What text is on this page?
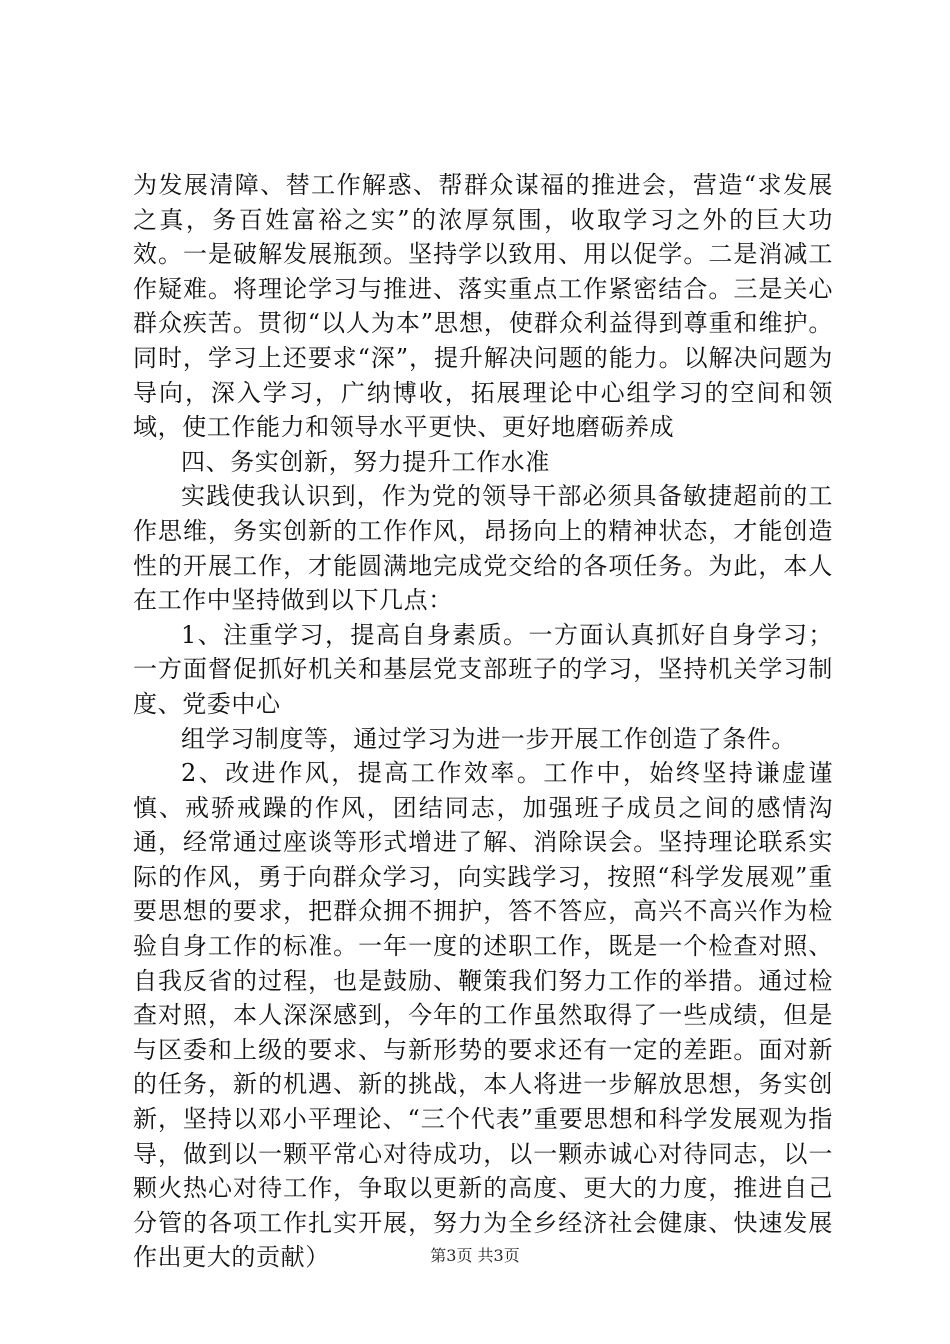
为发展清障、替工作解惑、帮群众谋福的推进会，营造“求发展之真，务百姓富裕之实”的浓厚氛围，收取学习之外的巨大功效。一是破解发展瓶颈。坚持学以致用、用以促学。二是消减工作疑难。将理论学习与推进、落实重点工作紧密结合。三是关心群众疾苦。贯彻“以人为本”思想，使群众利益得到尊重和维护。同时，学习上还要求“深”，提升解决问题的能力。以解决问题为导向，深入学习，广纳博收，拓展理论中心组学习的空间和领域，使工作能力和领导水平更快、更好地磨砺养成

四、务实创新，努力提升工作水准

实践使我认识到，作为党的领导干部必须具备敏捷超前的工作思维，务实创新的工作作风，昂扬向上的精神状态，才能创造性的开展工作，才能圆满地完成党交给的各项任务。为此，本人在工作中坚持做到以下几点：

1、注重学习，提高自身素质。一方面认真抓好自身学习；一方面督促抓好机关和基层党支部班子的学习，坚持机关学习制度、党委中心

组学习制度等，通过学习为进一步开展工作创造了条件。

2、改进作风，提高工作效率。工作中，始终坚持谦虚谨慎、戒骄戒躁的作风，团结同志，加强班子成员之间的感情沟通，经常通过座谈等形式增进了解、消除误会。坚持理论联系实际的作风，勇于向群众学习，向实践学习，按照“科学发展观”重要思想的要求，把群众拥不拥护，答不答应，高兴不高兴作为检验自身工作的标准。一年一度的述职工作，既是一个检查对照、自我反省的过程，也是鼓励、鞭策我们努力工作的举措。通过检查对照，本人深深感到，今年的工作虽然取得了一些成绩，但是与区委和上级的要求、与新形势的要求还有一定的差距。面对新的任务，新的机遇、新的挑战，本人将进一步解放思想，务实创新，坚持以邓小平理论、“三个代表”重要思想和科学发展观为指导，做到以一颗平常心对待成功，以一颗赤诚心对待同志，以一颗火热心对待工作，争取以更新的高度、更大的力度，推进自己分管的各项工作扎实开展，努力为全乡经济社会健康、快速发展作出更大的贡献）	第3页 共3页
